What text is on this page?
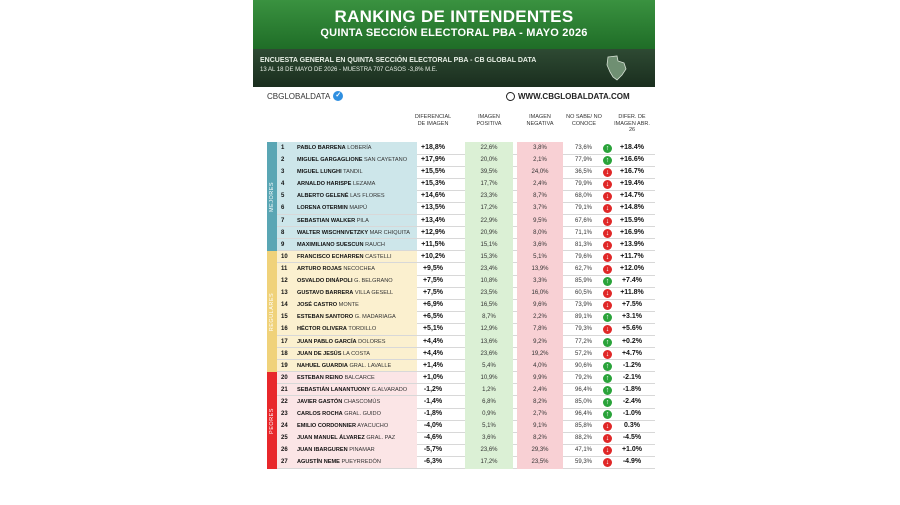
RANKING DE INTENDENTES
QUINTA SECCIÓN ELECTORAL PBA - MAYO 2026
ENCUESTA GENERAL EN QUINTA SECCIÓN ELECTORAL PBA - CB GLOBAL DATA
13 AL 18 DE MAYO DE 2026 - MUESTRA 707 CASOS -3,8% M.E.
CBGLOBALDATA ✓	WWW.CBGLOBALDATA.COM
DIFERENCIAL DE IMAGEN
IMAGEN POSITIVA
IMAGEN NEGATIVA
NO SABE/ NO CONOCE
DIFER. DE IMAGEN ABR. 26
MEJORES
REGULARES
PEORES
1	PABLO BARRENA LOBERÍA	+18,8%	22,6%	3,8%	73,6%	↑	+18.4%
2	MIGUEL GARGAGLIONE SAN CAYETANO	+17,9%	20,0%	2,1%	77,9%	↑	+16.6%
3	MIGUEL LUNGHI TANDIL	+15,5%	39,5%	24,0%	36,5%	↓	+16.7%
4	ARNALDO HARISPE LEZAMA	+15,3%	17,7%	2,4%	79,9%	↓	+19.4%
5	ALBERTO GELENÉ LAS FLORES	+14,6%	23,3%	8,7%	68,0%	↓	+14.7%
6	LORENA OTERMIN MAIPÚ	+13,5%	17,2%	3,7%	79,1%	↓	+14.8%
7	SEBASTIAN WALKER PILA	+13,4%	22,9%	9,5%	67,6%	↓	+15.9%
8	WALTER WISCHNIVETZKY MAR CHIQUITA	+12,9%	20,9%	8,0%	71,1%	↓	+16.9%
9	MAXIMILIANO SUESCUN RAUCH	+11,5%	15,1%	3,6%	81,3%	↓	+13.9%
10	FRANCISCO ECHARREN CASTELLI	+10,2%	15,3%	5,1%	79,6%	↓	+11.7%
11	ARTURO ROJAS NECOCHEA	+9,5%	23,4%	13,9%	62,7%	↓	+12.0%
12	OSVALDO DINÁPOLI G. BELGRANO	+7,5%	10,8%	3,3%	85,9%	↑	+7.4%
13	GUSTAVO BARRERA VILLA GESELL	+7,5%	23,5%	16,0%	60,5%	↓	+11.8%
14	JOSÉ CASTRO MONTE	+6,9%	16,5%	9,6%	73,9%	↓	+7.5%
15	ESTEBAN SANTORO G. MADARIAGA	+6,5%	8,7%	2,2%	89,1%	↑	+3.1%
16	HÉCTOR OLIVERA TORDILLO	+5,1%	12,9%	7,8%	79,3%	↓	+5.6%
17	JUAN PABLO GARCÍA DOLORES	+4,4%	13,6%	9,2%	77,2%	↑	+0.2%
18	JUAN DE JESÚS LA COSTA	+4,4%	23,6%	19,2%	57,2%	↓	+4.7%
19	NAHUEL GUARDIA GRAL. LAVALLE	+1,4%	5,4%	4,0%	90,6%	↑	-1.2%
20	ESTEBAN REINO BALCARCE	+1,0%	10,9%	9,9%	79,2%	↑	-2.1%
21	SEBASTIÁN LANANTUONY G.ALVARADO	-1,2%	1,2%	2,4%	96,4%	↑	-1.8%
22	JAVIER GASTÓN CHASCOMÚS	-1,4%	6,8%	8,2%	85,0%	↑	-2.4%
23	CARLOS ROCHA GRAL. GUIDO	-1,8%	0,9%	2,7%	96,4%	↑	-1.0%
24	EMILIO CORDONNIER AYACUCHO	-4,0%	5,1%	9,1%	85,8%	↓	0.3%
25	JUAN MANUEL ÁLVAREZ GRAL. PAZ	-4,6%	3,6%	8,2%	88,2%	↓	-4.5%
26	JUAN IBARGUREN PINAMAR	-5,7%	23,6%	29,3%	47,1%	↓	+1.0%
27	AGUSTÍN NEME PUEYRREDÓN	-6,3%	17,2%	23,5%	59,3%	↓	-4.9%
